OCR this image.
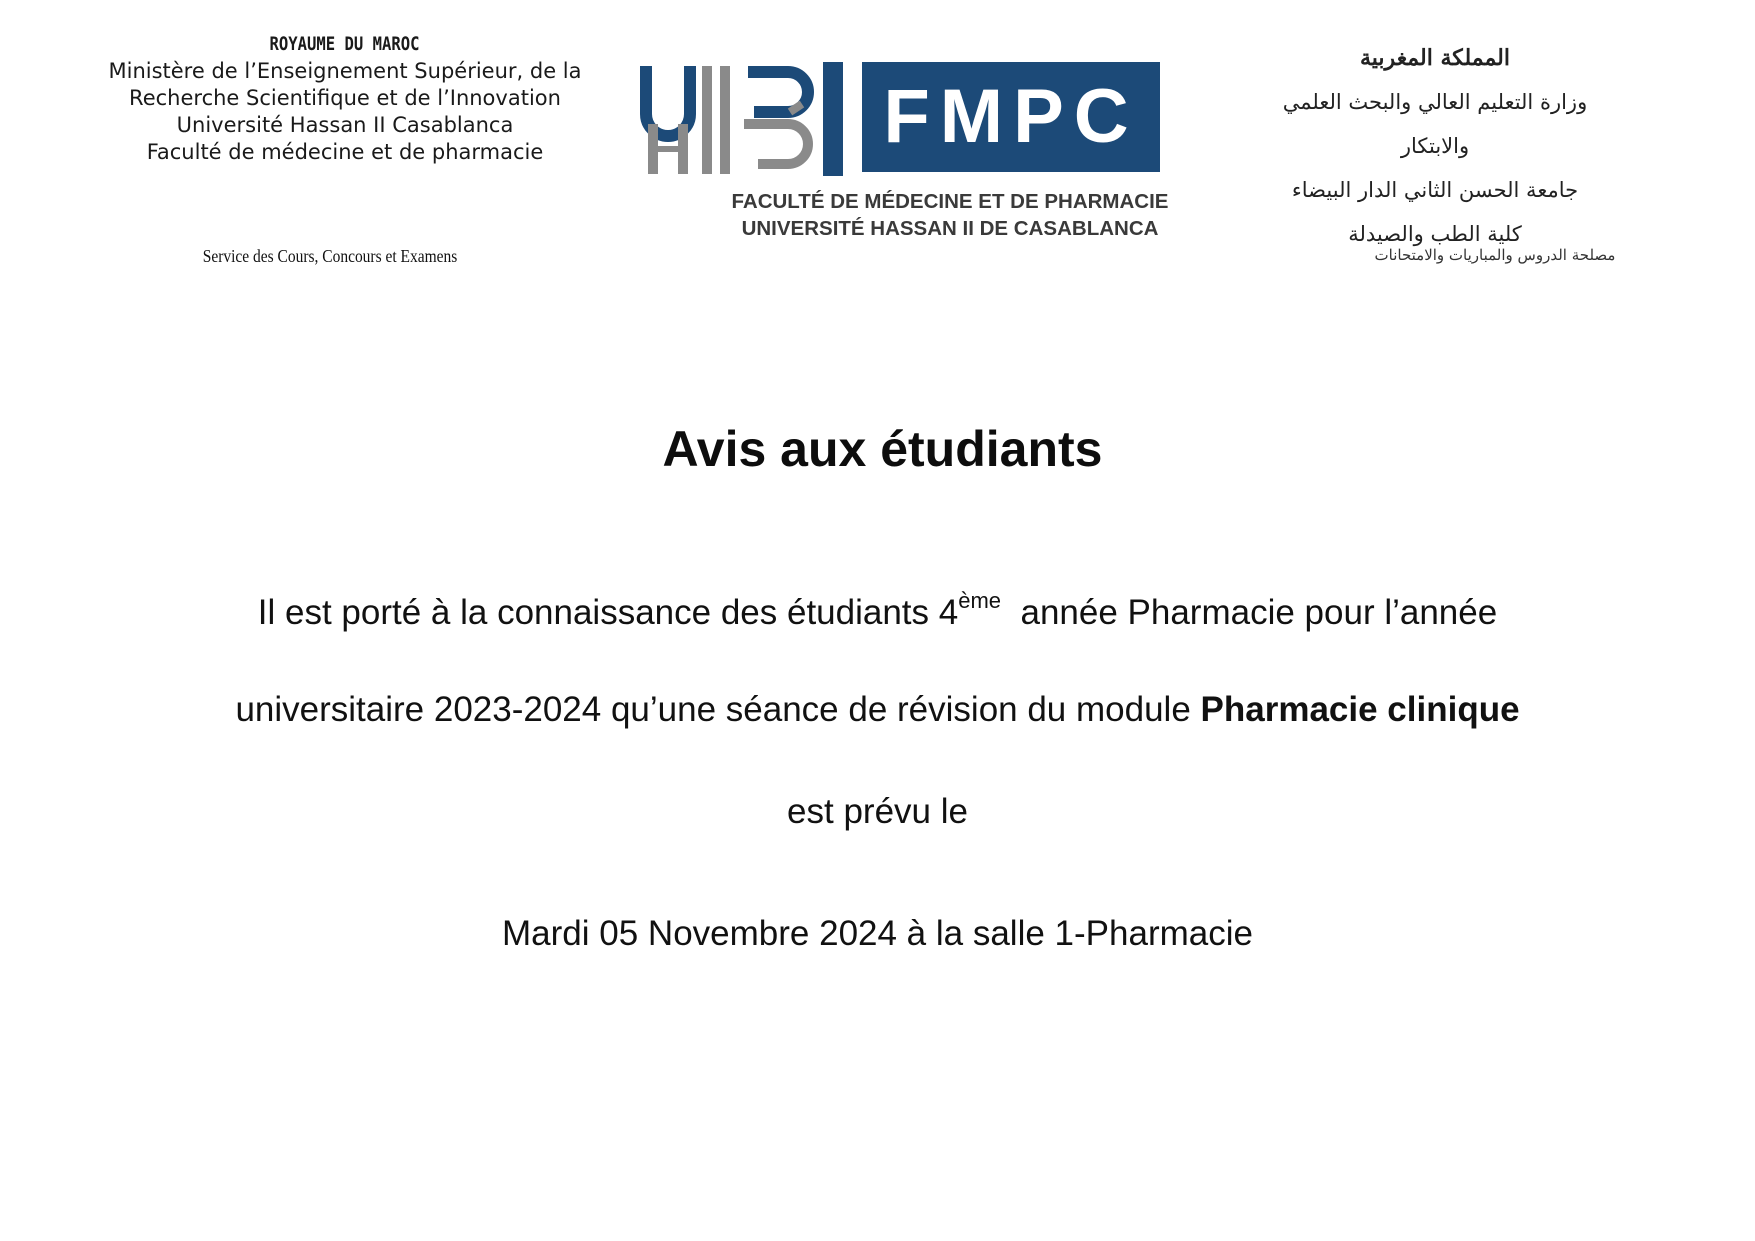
ROYAUME DU MAROC
Ministère de l’Enseignement Supérieur, de la
Recherche Scientifique et de l’Innovation
Université Hassan II Casablanca
Faculté de médecine et de pharmacie
Service des Cours, Concours et Examens
المملكة المغربية
وزارة التعليم العالي والبحث العلمي والابتكار
جامعة الحسن الثاني الدار البيضاء
كلية الطب والصيدلة
مصلحة الدروس والمباريات والامتحانات
FMPC
FACULTÉ DE MÉDECINE ET DE PHARMACIE
UNIVERSITÉ HASSAN II DE CASABLANCA
Avis aux étudiants
Il est porté à la connaissance des étudiants 4ème  année Pharmacie pour l’année
universitaire 2023-2024 qu’une séance de révision du module Pharmacie clinique
est prévu le
Mardi 05 Novembre 2024 à la salle 1-Pharmacie
